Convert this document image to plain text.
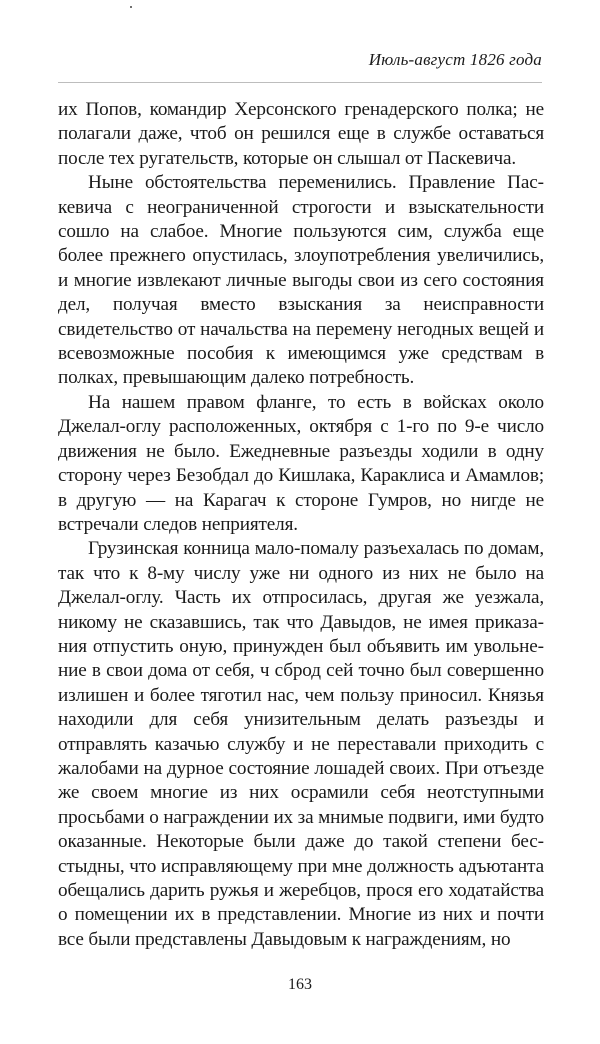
Июль-август 1826 года

их Попов, командир Херсонского гренадерского полка; не полагали даже, чтоб он решился еще в службе оставаться после тех ругательств, которые он слышал от Паскевича.

Ныне обстоятельства переменились. Правление Паскевича с неограниченной строгости и взыскательности сошло на слабое. Многие пользуются сим, служба еще более прежнего опустилась, злоупотребления увеличились, и многие извлекают личные выгоды свои из сего состояния дел, получая вместо взыскания за неисправности свидетельство от начальства на перемену негодных вещей и всевозможные пособия к имеющимся уже средствам в полках, превышающим далеко потребность.

На нашем правом фланге, то есть в войсках около Джелал-оглу расположенных, октября с 1-го по 9-е число движения не было. Ежедневные разъезды ходили в одну сторону через Безобдал до Кишлака, Караклиса и Амамлов; в другую — на Карагач к стороне Гумров, но нигде не встречали следов неприятеля.

Грузинская конница мало-помалу разъехалась по домам, так что к 8-му числу уже ни одного из них не было на Джелал-оглу. Часть их отпросилась, другая же уезжала, никому не сказавшись, так что Давыдов, не имея приказания отпустить оную, принужден был объявить им увольнение в свои дома от себя, ч сброд сей точно был совершенно излишен и более тяготил нас, чем пользу приносил. Князья находили для себя унизительным делать разъезды и отправлять казачью службу и не переставали приходить с жалобами на дурное состояние лошадей своих. При отъезде же своем многие из них осрамили себя неотступными просьбами о награждении их за мнимые подвиги, ими будто оказанные. Некоторые были даже до такой степени бесстыдны, что исправляющему при мне должность адъютанта обещались дарить ружья и жеребцов, прося его ходатайства о помещении их в представлении. Многие из них и почти все были представлены Давыдовым к награждениям, но

163
